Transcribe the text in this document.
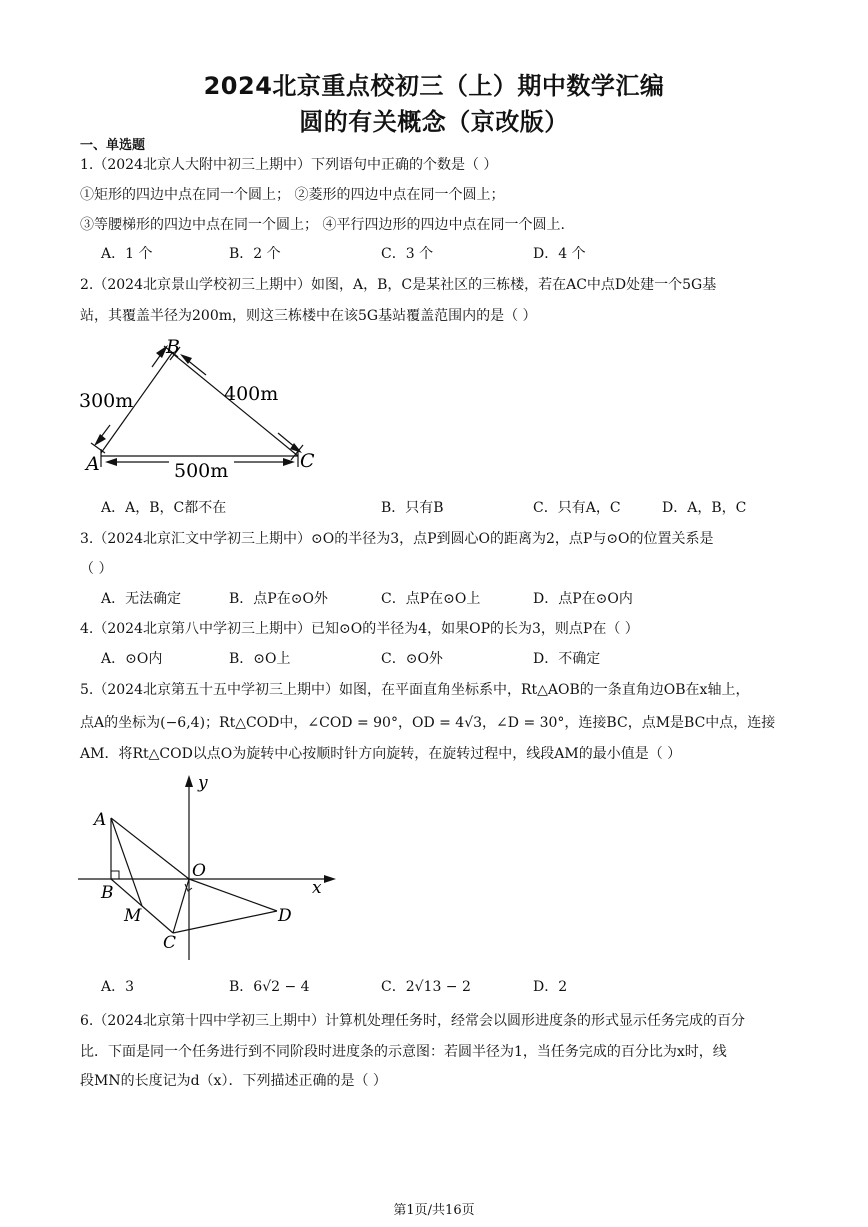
2024北京重点校初三（上）期中数学汇编
圆的有关概念（京改版）
一、单选题
1.（2024北京人大附中初三上期中）下列语句中正确的个数是（ ）
①矩形的四边中点在同一个圆上； ②菱形的四边中点在同一个圆上；
③等腰梯形的四边中点在同一个圆上； ④平行四边形的四边中点在同一个圆上.
A．1 个	B．2 个	C．3 个	D．4 个
2.（2024北京景山学校初三上期中）如图，A，B，C是某社区的三栋楼，若在AC中点D处建一个5G基
站，其覆盖半径为200m，则这三栋楼中在该5G基站覆盖范围内的是（ ）
B
A	C
300m	400m
500m
A．A，B，C都不在	B．只有B	C．只有A，C	D．A，B，C
3.（2024北京汇文中学初三上期中）⊙O的半径为3，点P到圆心O的距离为2，点P与⊙O的位置关系是
（ ）
A．无法确定	B．点P在⊙O外	C．点P在⊙O上	D．点P在⊙O内
4.（2024北京第八中学初三上期中）已知⊙O的半径为4，如果OP的长为3，则点P在（ ）
A．⊙O内	B．⊙O上	C．⊙O外	D．不确定
5.（2024北京第五十五中学初三上期中）如图，在平面直角坐标系中，Rt△AOB的一条直角边OB在x轴上，
点A的坐标为(−6,4)；Rt△COD中，∠COD = 90°，OD = 4√3，∠D = 30°，连接BC，点M是BC中点，连接
AM．将Rt△COD以点O为旋转中心按顺时针方向旋转，在旋转过程中，线段AM的最小值是（ ）
y
x
O
A
B
M
C
D
A．3	B．6√2 − 4	C．2√13 − 2	D．2
6.（2024北京第十四中学初三上期中）计算机处理任务时，经常会以圆形进度条的形式显示任务完成的百分
比．下面是同一个任务进行到不同阶段时进度条的示意图：若圆半径为1，当任务完成的百分比为x时，线
段MN的长度记为d（x）．下列描述正确的是（ ）
第1页/共16页
